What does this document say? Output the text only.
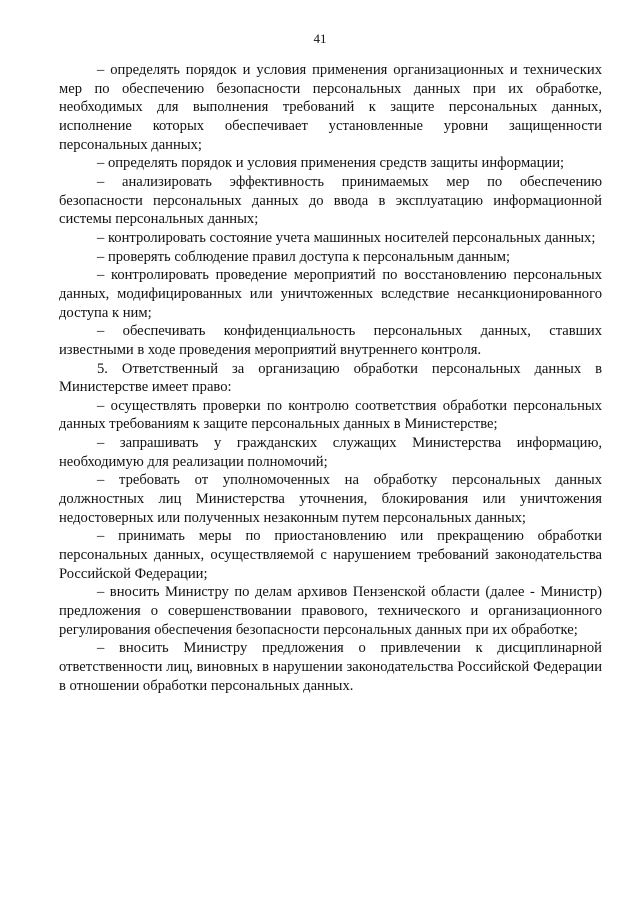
41

– определять порядок и условия применения организационных и технических мер по обеспечению безопасности персональных данных при их обработке, необходимых для выполнения требований к защите персональных данных, исполнение которых обеспечивает установленные уровни защищенности персональных данных;

– определять порядок и условия применения средств защиты информации;

– анализировать эффективность принимаемых мер по обеспечению безопасности персональных данных до ввода в эксплуатацию информационной системы персональных данных;

– контролировать состояние учета машинных носителей персональных данных;

– проверять соблюдение правил доступа к персональным данным;

– контролировать проведение мероприятий по восстановлению персональных данных, модифицированных или уничтоженных вследствие несанкционированного доступа к ним;

– обеспечивать конфиденциальность персональных данных, ставших известными в ходе проведения мероприятий внутреннего контроля.

5. Ответственный за организацию обработки персональных данных в Министерстве имеет право:

– осуществлять проверки по контролю соответствия обработки персональных данных требованиям к защите персональных данных в Министерстве;

– запрашивать у гражданских служащих Министерства информацию, необходимую для реализации полномочий;

– требовать от уполномоченных на обработку персональных данных должностных лиц Министерства уточнения, блокирования или уничтожения недостоверных или полученных незаконным путем персональных данных;

– принимать меры по приостановлению или прекращению обработки персональных данных, осуществляемой с нарушением требований законодательства Российской Федерации;

– вносить Министру по делам архивов Пензенской области (далее - Министр) предложения о совершенствовании правового, технического и организационного регулирования обеспечения безопасности персональных данных при их обработке;

– вносить Министру предложения о привлечении к дисциплинарной ответственности лиц, виновных в нарушении законодательства Российской Федерации в отношении обработки персональных данных.
